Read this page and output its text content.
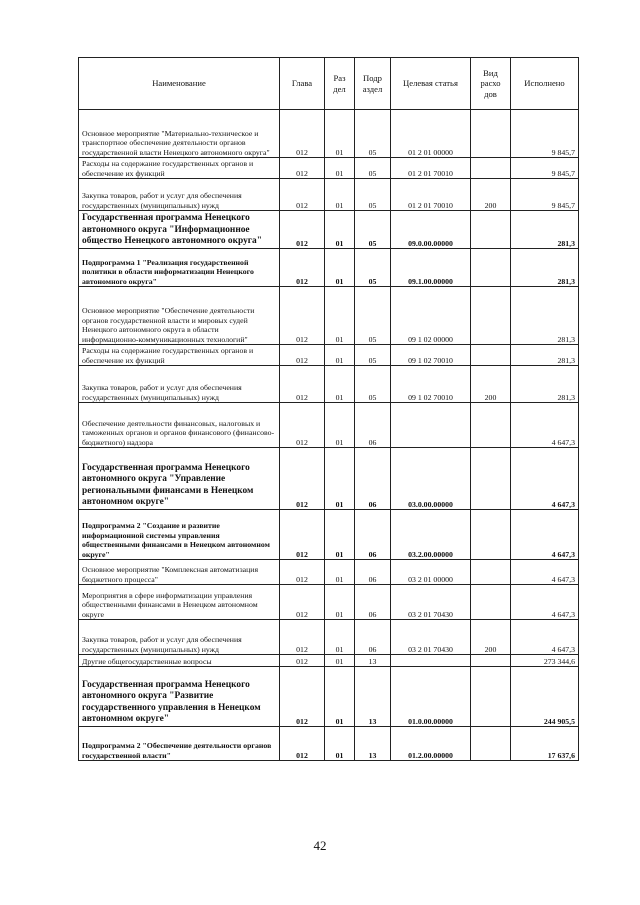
Наименование	Глава	Раз дел	Подр аздел	Целевая статья	Вид расхо дов	Исполнено
Основное мероприятие "Материально-техническое и транспортное обеспечение деятельности органов государственной власти Ненецкого автономного округа"	012	01	05	01 2 01 00000		9 845,7
Расходы на содержание государственных органов и обеспечение их функций	012	01	05	01 2 01 70010		9 845,7
Закупка товаров, работ и услуг для обеспечения государственных (муниципальных) нужд	012	01	05	01 2 01 70010	200	9 845,7
Государственная программа Ненецкого автономного округа "Информационное общество Ненецкого автономного округа"	012	01	05	09.0.00.00000		281,3
Подпрограмма 1 "Реализация государственной политики в области информатизации Ненецкого автономного округа"	012	01	05	09.1.00.00000		281,3
Основное мероприятие "Обеспечение деятельности органов государственной власти и мировых судей Ненецкого автономного округа в области информационно-коммуникационных технологий"	012	01	05	09 1 02 00000		281,3
Расходы на содержание государственных органов и обеспечение их функций	012	01	05	09 1 02 70010		281,3
Закупка товаров, работ и услуг для обеспечения государственных (муниципальных) нужд	012	01	05	09 1 02 70010	200	281,3
Обеспечение деятельности финансовых, налоговых и таможенных органов и органов финансового (финансово-бюджетного) надзора	012	01	06			4 647,3
Государственная программа Ненецкого автономного округа "Управление региональными финансами в Ненецком автономном округе"	012	01	06	03.0.00.00000		4 647,3
Подпрограмма 2 "Создание и развитие информационной системы управления общественными финансами в Ненецком автономном округе"	012	01	06	03.2.00.00000		4 647,3
Основное мероприятие "Комплексная автоматизация бюджетного процесса"	012	01	06	03 2 01 00000		4 647,3
Мероприятия в сфере информатизации управления общественными финансами в Ненецком автономном округе	012	01	06	03 2 01 70430		4 647,3
Закупка товаров, работ и услуг для обеспечения государственных (муниципальных) нужд	012	01	06	03 2 01 70430	200	4 647,3
Другие общегосударственные вопросы	012	01	13			273 344,6
Государственная программа Ненецкого автономного округа "Развитие государственного управления в Ненецком автономном округе"	012	01	13	01.0.00.00000		244 905,5
Подпрограмма 2 "Обеспечение деятельности органов государственной власти"	012	01	13	01.2.00.00000		17 637,6
42
